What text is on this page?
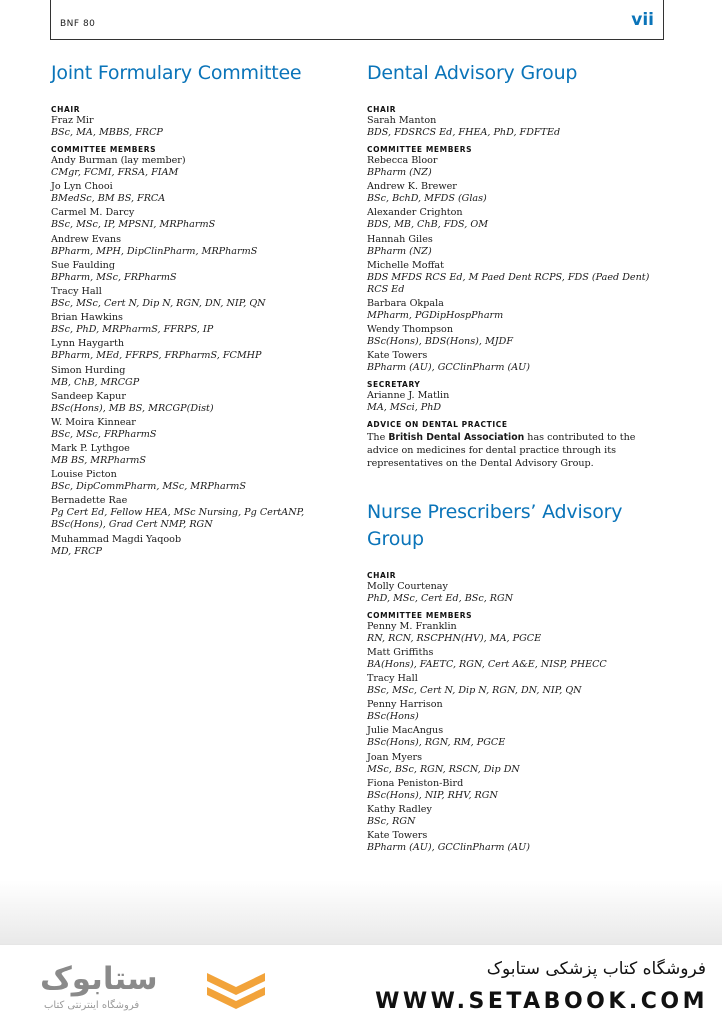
BNF 80	vii
Joint Formulary Committee
CHAIR
Fraz Mir
BSc, MA, MBBS, FRCP
COMMITTEE MEMBERS
Andy Burman (lay member)
CMgr, FCMI, FRSA, FIAM
Jo Lyn Chooi
BMedSc, BM BS, FRCA
Carmel M. Darcy
BSc, MSc, IP, MPSNI, MRPharmS
Andrew Evans
BPharm, MPH, DipClinPharm, MRPharmS
Sue Faulding
BPharm, MSc, FRPharmS
Tracy Hall
BSc, MSc, Cert N, Dip N, RGN, DN, NIP, QN
Brian Hawkins
BSc, PhD, MRPharmS, FFRPS, IP
Lynn Haygarth
BPharm, MEd, FFRPS, FRPharmS, FCMHP
Simon Hurding
MB, ChB, MRCGP
Sandeep Kapur
BSc(Hons), MB BS, MRCGP(Dist)
W. Moira Kinnear
BSc, MSc, FRPharmS
Mark P. Lythgoe
MB BS, MRPharmS
Louise Picton
BSc, DipCommPharm, MSc, MRPharmS
Bernadette Rae
Pg Cert Ed, Fellow HEA, MSc Nursing, Pg CertANP, BSc(Hons), Grad Cert NMP, RGN
Muhammad Magdi Yaqoob
MD, FRCP
Dental Advisory Group
CHAIR
Sarah Manton
BDS, FDSRCS Ed, FHEA, PhD, FDFTEd
COMMITTEE MEMBERS
Rebecca Bloor
BPharm (NZ)
Andrew K. Brewer
BSc, BchD, MFDS (Glas)
Alexander Crighton
BDS, MB, ChB, FDS, OM
Hannah Giles
BPharm (NZ)
Michelle Moffat
BDS MFDS RCS Ed, M Paed Dent RCPS, FDS (Paed Dent) RCS Ed
Barbara Okpala
MPharm, PGDipHospPharm
Wendy Thompson
BSc(Hons), BDS(Hons), MJDF
Kate Towers
BPharm (AU), GCClinPharm (AU)
SECRETARY
Arianne J. Matlin
MA, MSci, PhD
ADVICE ON DENTAL PRACTICE
The British Dental Association has contributed to the advice on medicines for dental practice through its representatives on the Dental Advisory Group.
Nurse Prescribers’ Advisory Group
CHAIR
Molly Courtenay
PhD, MSc, Cert Ed, BSc, RGN
COMMITTEE MEMBERS
Penny M. Franklin
RN, RCN, RSCPHN(HV), MA, PGCE
Matt Griffiths
BA(Hons), FAETC, RGN, Cert A&E, NISP, PHECC
Tracy Hall
BSc, MSc, Cert N, Dip N, RGN, DN, NIP, QN
Penny Harrison
BSc(Hons)
Julie MacAngus
BSc(Hons), RGN, RM, PGCE
Joan Myers
MSc, BSc, RGN, RSCN, Dip DN
Fiona Peniston-Bird
BSc(Hons), NIP, RHV, RGN
Kathy Radley
BSc, RGN
Kate Towers
BPharm (AU), GCClinPharm (AU)
ستابوک
فروشگاه اینترنتی کتاب
فروشگاه کتاب پزشکی ستابوک
WWW.SETABOOK.COM
